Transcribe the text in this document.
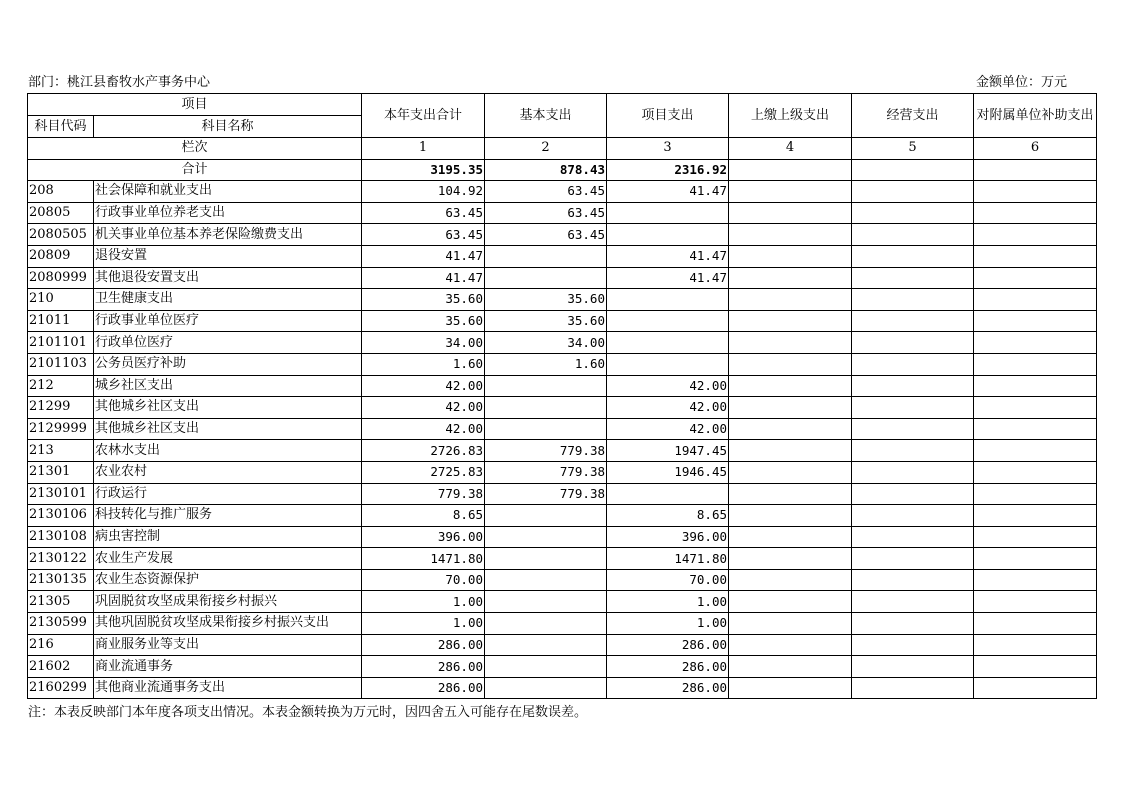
部门：桃江县畜牧水产事务中心	金额单位：万元
项目		本年支出合计	基本支出	项目支出	上缴上级支出	经营支出	对附属单位补助支出
科目代码	科目名称						
栏次		1	2	3	4	5	6
合计		3195.35	878.43	2316.92			
208	社会保障和就业支出	104.92	63.45	41.47			
20805	行政事业单位养老支出	63.45	63.45				
2080505	机关事业单位基本养老保险缴费支出	63.45	63.45				
20809	退役安置	41.47		41.47			
2080999	其他退役安置支出	41.47		41.47			
210	卫生健康支出	35.60	35.60				
21011	行政事业单位医疗	35.60	35.60				
2101101	行政单位医疗	34.00	34.00				
2101103	公务员医疗补助	1.60	1.60				
212	城乡社区支出	42.00		42.00			
21299	其他城乡社区支出	42.00		42.00			
2129999	其他城乡社区支出	42.00		42.00			
213	农林水支出	2726.83	779.38	1947.45			
21301	农业农村	2725.83	779.38	1946.45			
2130101	行政运行	779.38	779.38				
2130106	科技转化与推广服务	8.65		8.65			
2130108	病虫害控制	396.00		396.00			
2130122	农业生产发展	1471.80		1471.80			
2130135	农业生态资源保护	70.00		70.00			
21305	巩固脱贫攻坚成果衔接乡村振兴	1.00		1.00			
2130599	其他巩固脱贫攻坚成果衔接乡村振兴支出	1.00		1.00			
216	商业服务业等支出	286.00		286.00			
21602	商业流通事务	286.00		286.00			
2160299	其他商业流通事务支出	286.00		286.00			
注：本表反映部门本年度各项支出情况。本表金额转换为万元时，因四舍五入可能存在尾数误差。
